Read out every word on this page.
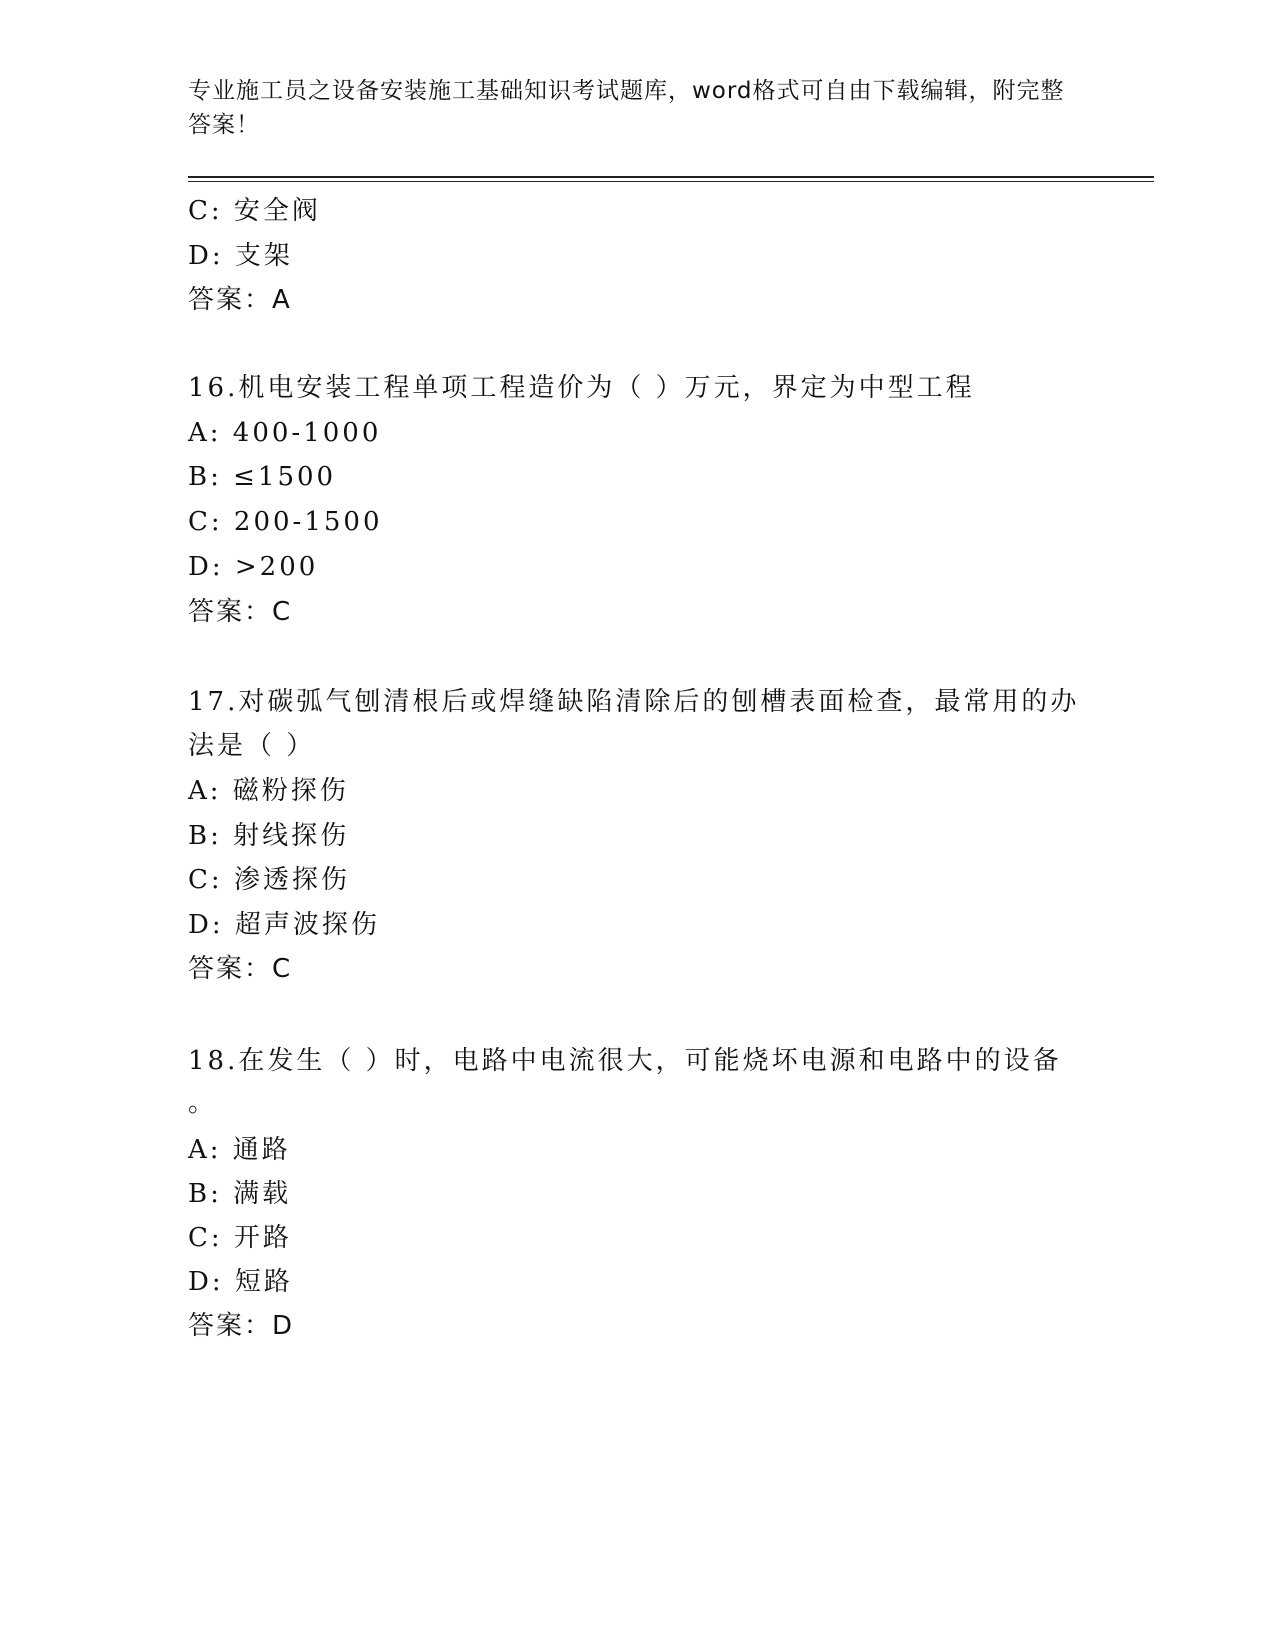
专业施工员之设备安装施工基础知识考试题库，word格式可自由下载编辑，附完整答案！

C: 安全阀

D: 支架

答案：A

16.机电安装工程单项工程造价为（ ）万元，界定为中型工程

A: 400-1000

B: ≤1500

C: 200-1500

D: >200

答案：C

17.对碳弧气刨清根后或焊缝缺陷清除后的刨槽表面检查，最常用的办

法是（ ）

A: 磁粉探伤

B: 射线探伤

C: 渗透探伤

D: 超声波探伤

答案：C

18.在发生（ ）时，电路中电流很大，可能烧坏电源和电路中的设备

。

A: 通路

B: 满载

C: 开路

D: 短路

答案：D
